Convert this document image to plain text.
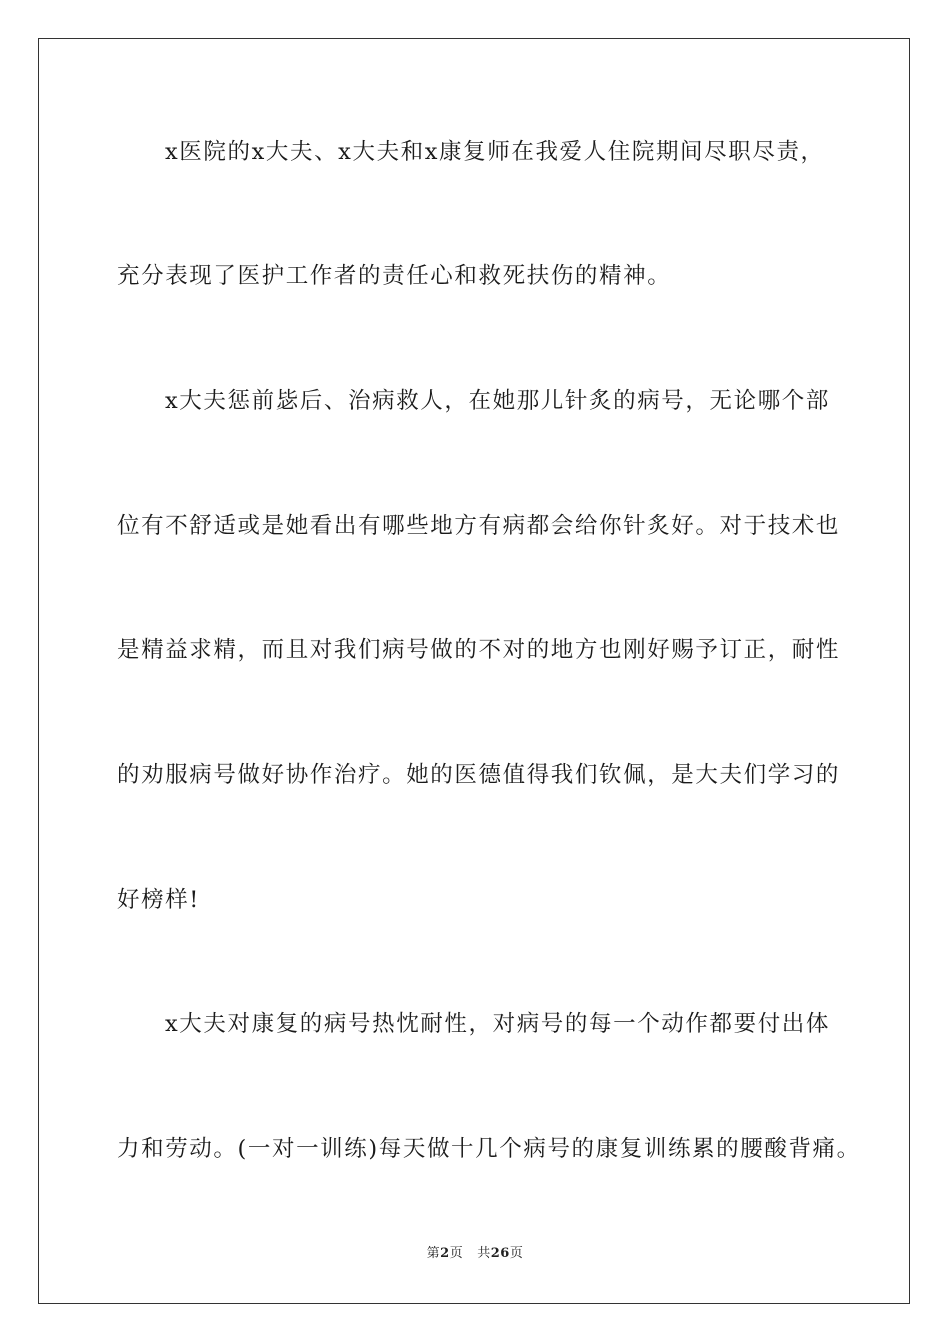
x医院的x大夫、x大夫和x康复师在我爱人住院期间尽职尽责，
充分表现了医护工作者的责任心和救死扶伤的精神。
x大夫惩前毖后、治病救人，在她那儿针炙的病号，无论哪个部
位有不舒适或是她看出有哪些地方有病都会给你针炙好。对于技术也
是精益求精，而且对我们病号做的不对的地方也刚好赐予订正，耐性
的劝服病号做好协作治疗。她的医德值得我们钦佩，是大夫们学习的
好榜样!
x大夫对康复的病号热忱耐性，对病号的每一个动作都要付出体
力和劳动。(一对一训练)每天做十几个病号的康复训练累的腰酸背痛。
第2页 共26页
